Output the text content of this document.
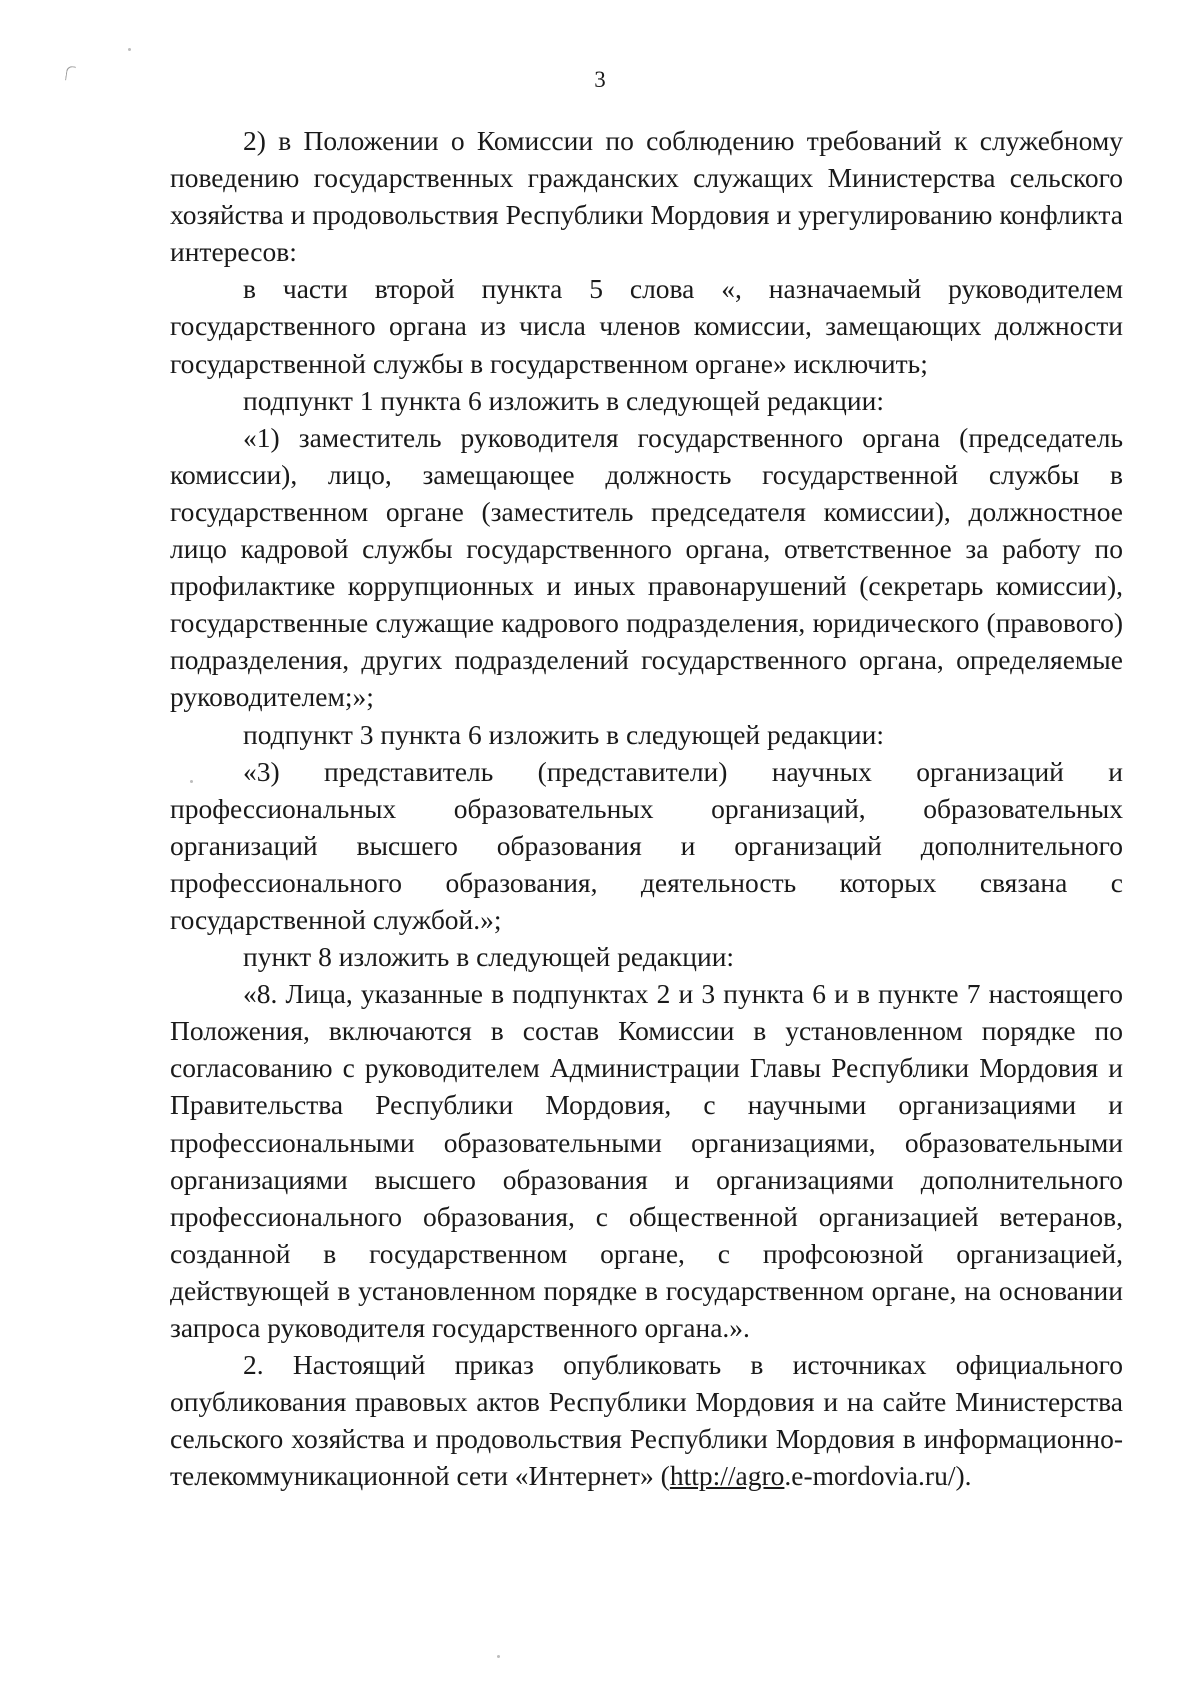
3

2) в Положении о Комиссии по соблюдению требований к служебному поведению государственных гражданских служащих Министерства сельского хозяйства и продовольствия Республики Мордовия и урегулированию конфликта интересов:

в части второй пункта 5 слова «, назначаемый руководителем государственного органа из числа членов комиссии, замещающих должности государственной службы в государственном органе» исключить;

подпункт 1 пункта 6 изложить в следующей редакции:

«1) заместитель руководителя государственного органа (председатель комиссии), лицо, замещающее должность государственной службы в государственном органе (заместитель председателя комиссии), должностное лицо кадровой службы государственного органа, ответственное за работу по профилактике коррупционных и иных правонарушений (секретарь комиссии), государственные служащие кадрового подразделения, юридического (правового) подразделения, других подразделений государственного органа, определяемые руководителем;»;

подпункт 3 пункта 6 изложить в следующей редакции:

«3) представитель (представители) научных организаций и профессиональных образовательных организаций, образовательных организаций высшего образования и организаций дополнительного профессионального образования, деятельность которых связана с государственной службой.»;

пункт 8 изложить в следующей редакции:

«8. Лица, указанные в подпунктах 2 и 3 пункта 6 и в пункте 7 настоящего Положения, включаются в состав Комиссии в установленном порядке по согласованию с руководителем Администрации Главы Республики Мордовия и Правительства Республики Мордовия, с научными организациями и профессиональными образовательными организациями, образовательными организациями высшего образования и организациями дополнительного профессионального образования, с общественной организацией ветеранов, созданной в государственном органе, с профсоюзной организацией, действующей в установленном порядке в государственном органе, на основании запроса руководителя государственного органа.».

2. Настоящий приказ опубликовать в источниках официального опубликования правовых актов Республики Мордовия и на сайте Министерства сельского хозяйства и продовольствия Республики Мордовия в информационно-телекоммуникационной сети «Интернет» (http://agro.e-mordovia.ru/).
